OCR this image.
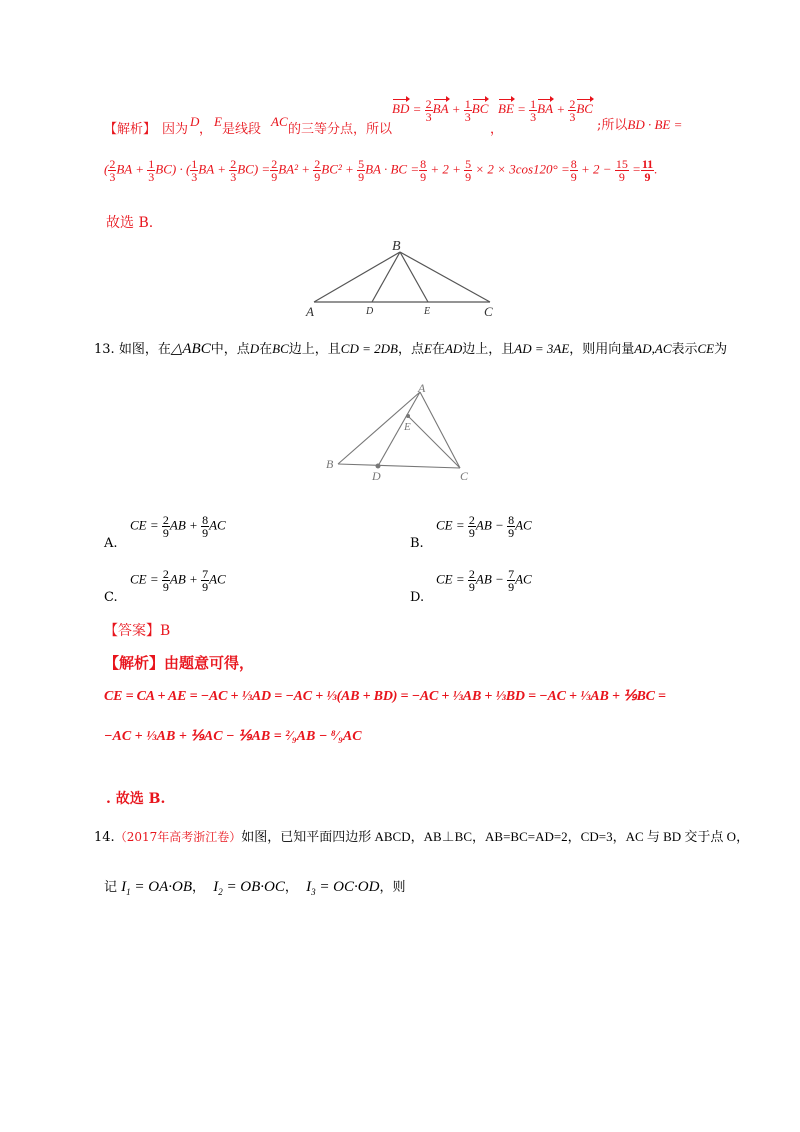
【解析】 因为
D
，
E
是线段
AC
的三等分点，所以
BD = $\frac{2}{3}$ BA + $\frac{1}{3}$ BC
，
BE = $\frac{1}{3}$ BA + $\frac{2}{3}$ BC
;所以BD · BE =
( $\frac{2}{3}$ BA + $\frac{1}{3} BC$) · ( $\frac{1}{3}$ BA + $\frac{2}{3} BC) = \frac{2}{9} BA^2 + \frac{2}{9} BC^2 + \frac{5}{9}$ BA · BC = $\frac{8}{9} + 2 + \frac{5}{9} \times 2 \times 3\cos 120^\circ = \frac{8}{9} + 2 - \frac{15}{9} = \frac{11}{9}$ .
故选 B.
B
A	D	E	C
13. 如图，在△ABC中，点D在BC边上，且CD = 2DB，点E在AD边上，且AD = 3AE，则用向量AD,AC表示CE为
A
E
B
D	C
A.
CE = $\frac{2}{9}$ AB + $\frac{8}{9}$ AC
B.
CE = $\frac{2}{9}$ AB − $\frac{8}{9}$ AC
C.
CE = $\frac{2}{9}$ AB + $\frac{7}{9}$ AC
D.
CE = $\frac{2}{9}$ AB − $\frac{7}{9}$ AC
【答案】B
【解析】由题意可得，
CE = CA + AE = −AC + ⅓AD = −AC + ⅓(AB + BD) = −AC + ⅓AB + ⅓BD = −AC + ⅓AB + ⅑BC =
−AC + ⅓AB + ⅑AC − ⅑AB = ²⁄₉AB − ⁸⁄₉AC
. 故选 B.
14.（2017年高考浙江卷）如图，已知平面四边形 ABCD，AB⊥BC，AB=BC=AD=2，CD=3，AC 与 BD 交于点 O，
记 $I_1 = OA\cdot OB$， $I_2 = OB\cdot OC$， $I_3 = OC\cdot OD$，则
